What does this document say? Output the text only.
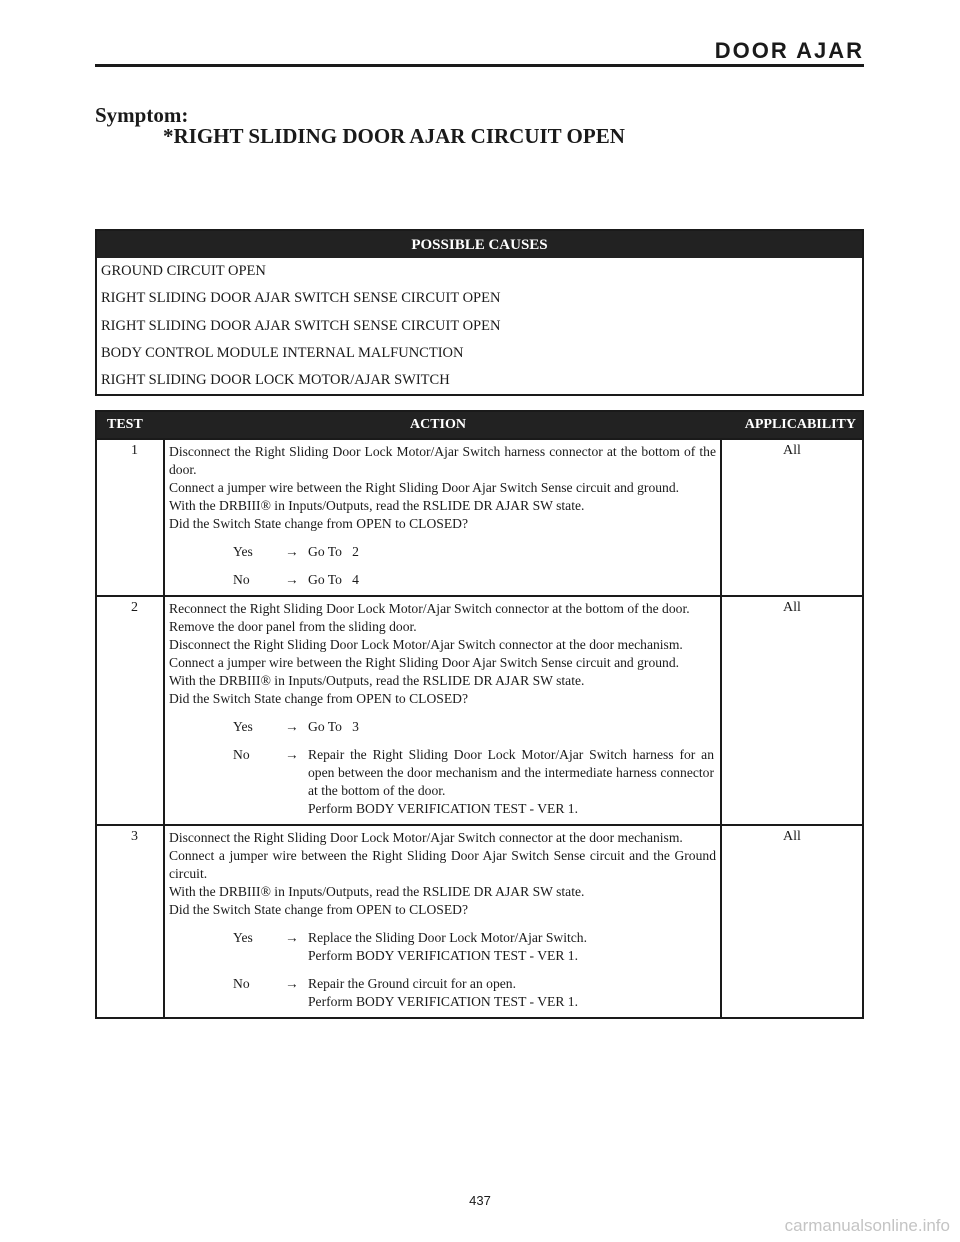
DOOR AJAR
Symptom:
*RIGHT SLIDING DOOR AJAR CIRCUIT OPEN
POSSIBLE CAUSES
GROUND CIRCUIT OPEN
RIGHT SLIDING DOOR AJAR SWITCH SENSE CIRCUIT OPEN
RIGHT SLIDING DOOR AJAR SWITCH SENSE CIRCUIT OPEN
BODY CONTROL MODULE INTERNAL MALFUNCTION
RIGHT SLIDING DOOR LOCK MOTOR/AJAR SWITCH
TEST	ACTION	APPLICABILITY
1 Disconnect the Right Sliding Door Lock Motor/Ajar Switch harness connector at the bottom of the door.

Connect a jumper wire between the Right Sliding Door Ajar Switch Sense circuit and ground.

With the DRBIII® in Inputs/Outputs, read the RSLIDE DR AJAR SW state.

Did the Switch State change from OPEN to CLOSED?

Yes	→ Go To   2
No	→ Go To   4
All
2 Reconnect the Right Sliding Door Lock Motor/Ajar Switch connector at the bottom of the door.

Remove the door panel from the sliding door.

Disconnect the Right Sliding Door Lock Motor/Ajar Switch connector at the door mechanism.

Connect a jumper wire between the Right Sliding Door Ajar Switch Sense circuit and ground.

With the DRBIII® in Inputs/Outputs, read the RSLIDE DR AJAR SW state.

Did the Switch State change from OPEN to CLOSED?

Yes	→ Go To   3
No	→ Repair the Right Sliding Door Lock Motor/Ajar Switch harness for an open between the door mechanism and the intermediate harness connector at the bottom of the door.
Perform BODY VERIFICATION TEST - VER 1.
All
3 Disconnect the Right Sliding Door Lock Motor/Ajar Switch connector at the door mechanism.

Connect a jumper wire between the Right Sliding Door Ajar Switch Sense circuit and the Ground circuit.

With the DRBIII® in Inputs/Outputs, read the RSLIDE DR AJAR SW state.

Did the Switch State change from OPEN to CLOSED?

Yes	→ Replace the Sliding Door Lock Motor/Ajar Switch.
Perform BODY VERIFICATION TEST - VER 1.
No	→ Repair the Ground circuit for an open.
Perform BODY VERIFICATION TEST - VER 1.
All
437
carmanualsonline.info
